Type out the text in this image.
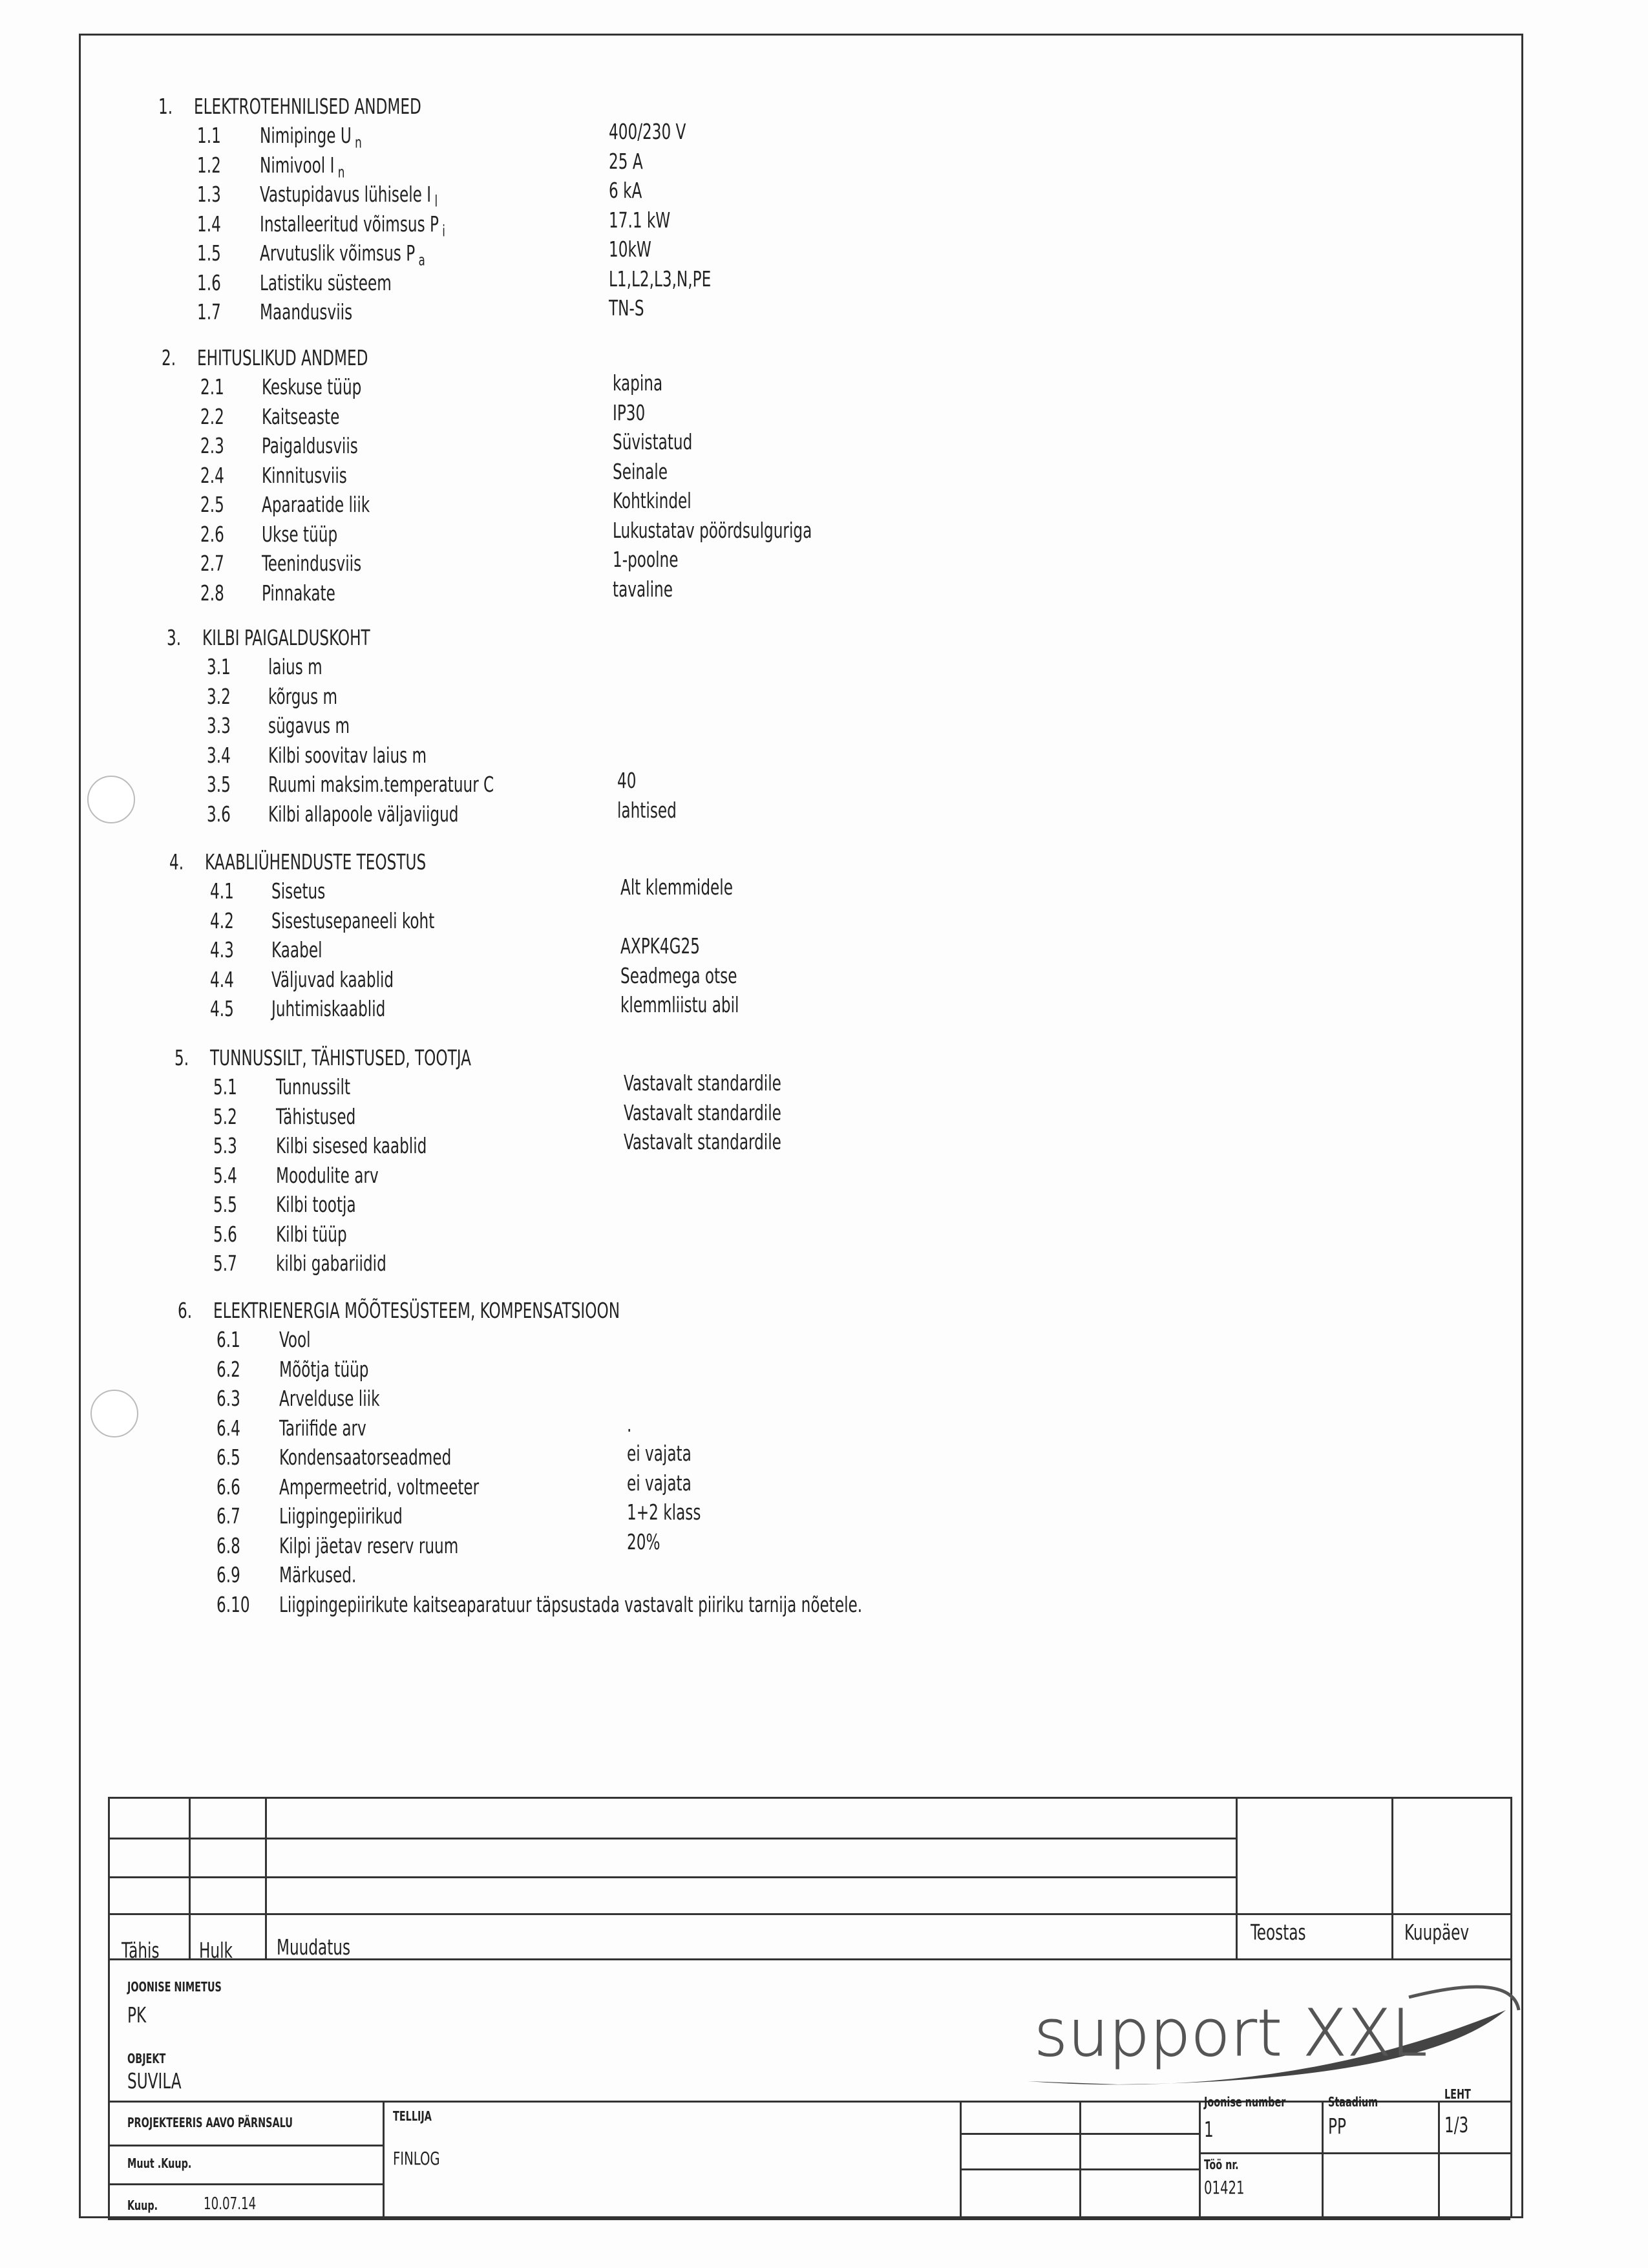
1. ELEKTROTEHNILISED ANDMED
1.1 Nimipinge U $_n$	400/230 V
1.2 Nimivool I $_n$	25 A
1.3 Vastupidavus lühisele I $_l$	6 kA
1.4 Installeeritud võimsus P $_i$	17.1 kW
1.5 Arvutuslik võimsus P $_a$	10kW
1.6 Latistiku süsteem	L1,L2,L3,N,PE
1.7 Maandusviis	TN-S
2. EHITUSLIKUD ANDMED
2.1 Keskuse tüüp	kapina
2.2 Kaitseaste	IP30
2.3 Paigaldusviis	Süvistatud
2.4 Kinnitusviis	Seinale
2.5 Aparaatide liik	Kohtkindel
2.6 Ukse tüüp	Lukustatav pöördsulguriga
2.7 Teenindusviis	1-poolne
2.8 Pinnakate	tavaline
3. KILBI PAIGALDUSKOHT
3.1 laius m
3.2 kõrgus m
3.3 sügavus m
3.4 Kilbi soovitav laius m
3.5 Ruumi maksim.temperatuur C	40
3.6 Kilbi allapoole väljaviigud	lahtised
4. KAABLIÜHENDUSTE TEOSTUS
4.1 Sisetus	Alt klemmidele
4.2 Sisestusepaneeli koht
4.3 Kaabel	AXPK4G25
4.4 Väljuvad kaablid	Seadmega otse
4.5 Juhtimiskaablid	klemmliistu abil
5. TUNNUSSILT, TÄHISTUSED, TOOTJA
5.1 Tunnussilt	Vastavalt standardile
5.2 Tähistused	Vastavalt standardile
5.3 Kilbi sisesed kaablid	Vastavalt standardile
5.4 Moodulite arv
5.5 Kilbi tootja
5.6 Kilbi tüüp
5.7 kilbi gabariidid
6. ELEKTRIENERGIA MÕÕTESÜSTEEM, KOMPENSATSIOON
6.1 Vool
6.2 Mõõtja tüüp
6.3 Arvelduse liik
6.4 Tariifide arv	.
6.5 Kondensaatorseadmed	ei vajata
6.6 Ampermeetrid, voltmeeter	ei vajata
6.7 Liigpingepiirikud	1+2 klass
6.8 Kilpi jäetav reserv ruum	20%
6.9 Märkused.
6.10 Liigpingepiirikute kaitseaparatuur täpsustada vastavalt piiriku tarnija nõetele.
Tähis Hulk Muudatus
Teostas	Kuupäev
JOONISE NIMETUS
PK
OBJEKT
SUVILA
PROJEKTEERIS AAVO PÄRNSALU
Muut .Kuup.
Kuup.	10.07.14
TELLIJA
FINLOG
Joonise number
1
Staadium
PP
LEHT
1/3
Töö nr.
01421
support XXL
